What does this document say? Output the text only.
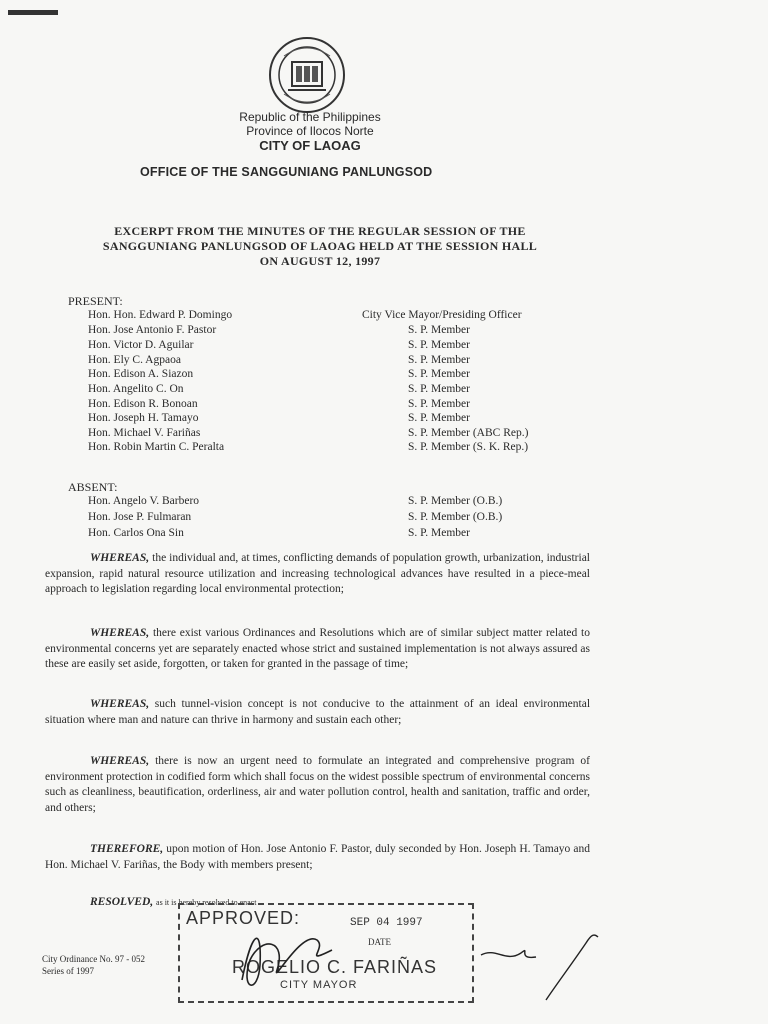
Republic of the Philippines
Province of Ilocos Norte
CITY OF LAOAG
OFFICE OF THE SANGGUNIANG PANLUNGSOD
EXCERPT FROM THE MINUTES OF THE REGULAR SESSION OF THE
SANGGUNIANG PANLUNGSOD OF LAOAG HELD AT THE SESSION HALL
ON AUGUST 12, 1997
PRESENT:
Hon. Hon. Edward P. Domingo	City Vice Mayor/Presiding Officer
Hon. Jose Antonio F. Pastor	S. P. Member
Hon. Victor D. Aguilar	S. P. Member
Hon. Ely C. Agpaoa	S. P. Member
Hon. Edison A. Siazon	S. P. Member
Hon. Angelito C. On	S. P. Member
Hon. Edison R. Bonoan	S. P. Member
Hon. Joseph H. Tamayo	S. P. Member
Hon. Michael V. Fariñas	S. P. Member (ABC Rep.)
Hon. Robin Martin C. Peralta	S. P. Member (S. K. Rep.)
ABSENT:
Hon. Angelo V. Barbero	S. P. Member (O.B.)
Hon. Jose P. Fulmaran	S. P. Member (O.B.)
Hon. Carlos Ona Sin	S. P. Member
WHEREAS, the individual and, at times, conflicting demands of population growth, urbanization, industrial expansion, rapid natural resource utilization and increasing technological advances have resulted in a piece-meal approach to legislation regarding local environmental protection;
WHEREAS, there exist various Ordinances and Resolutions which are of similar subject matter related to environmental concerns yet are separately enacted whose strict and sustained implementation is not always assured as these are easily set aside, forgotten, or taken for granted in the passage of time;
WHEREAS, such tunnel-vision concept is not conducive to the attainment of an ideal environmental situation where man and nature can thrive in harmony and sustain each other;
WHEREAS, there is now an urgent need to formulate an integrated and comprehensive program of environment protection in codified form which shall focus on the widest possible spectrum of environmental concerns such as cleanliness, beautification, orderliness, air and water pollution control, health and sanitation, traffic and order, and others;
THEREFORE, upon motion of Hon. Jose Antonio F. Pastor, duly seconded by Hon. Joseph H. Tamayo and Hon. Michael V. Fariñas, the Body with members present;
RESOLVED, as it is hereby resolved to enact
City Ordinance No. 97 - 052
Series of 1997
APPROVED:	SEP 04 1997
DATE
ROGELIO C. FARIÑAS
CITY MAYOR
